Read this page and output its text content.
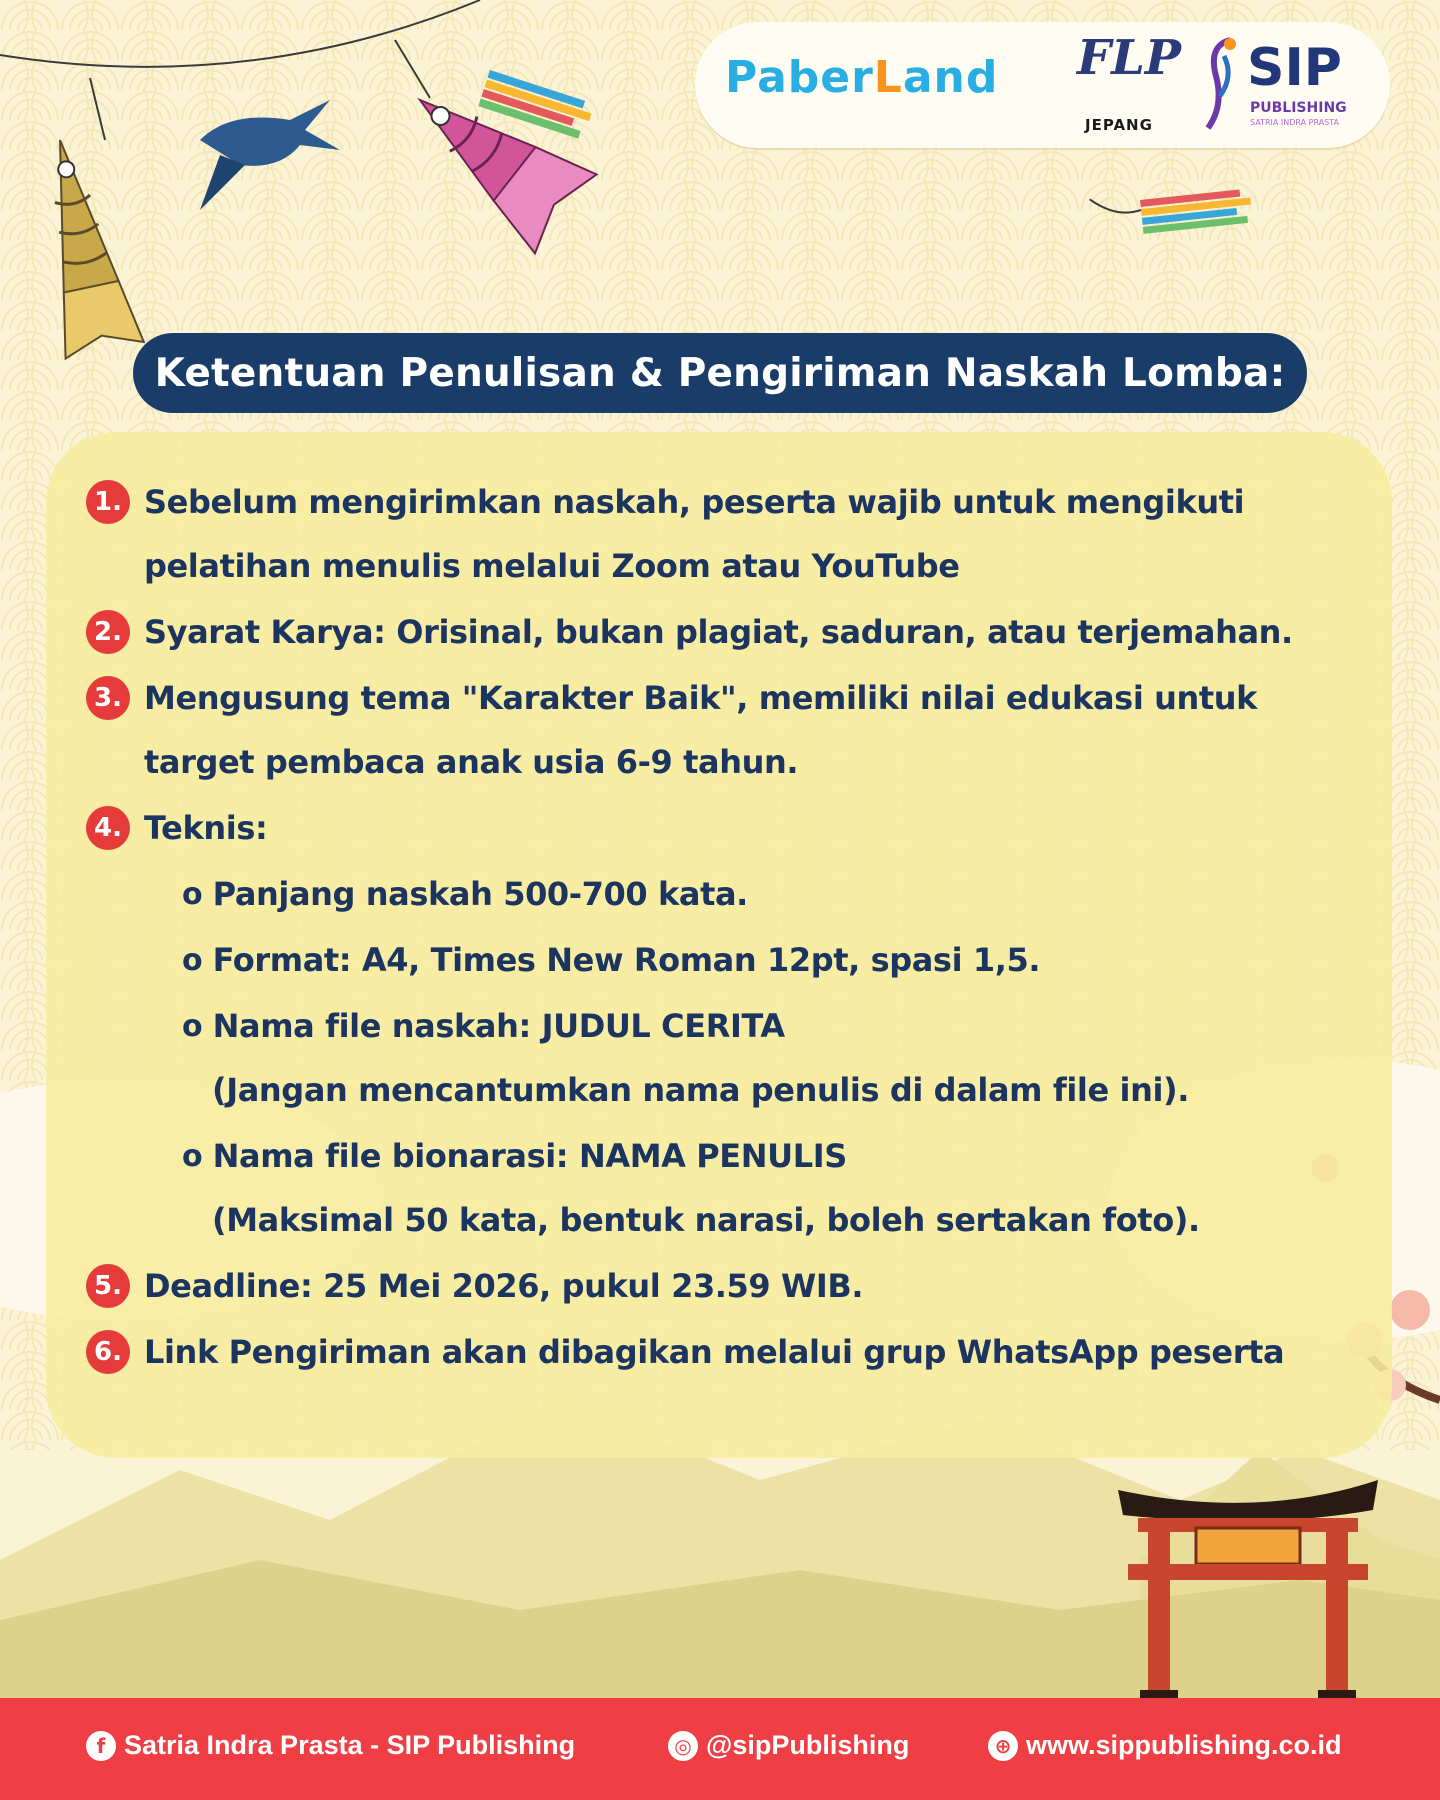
PaberLand FLP
JEPANG
SIP
PUBLISHING
SATRIA INDRA PRASTA
Ketentuan Penulisan & Pengiriman Naskah Lomba:
1. Sebelum mengirimkan naskah, peserta wajib untuk mengikuti
pelatihan menulis melalui Zoom atau YouTube
2. Syarat Karya: Orisinal, bukan plagiat, saduran, atau terjemahan.
3. Mengusung tema "Karakter Baik", memiliki nilai edukasi untuk
target pembaca anak usia 6-9 tahun.
4. Teknis:
o Panjang naskah 500-700 kata.
o Format: A4, Times New Roman 12pt, spasi 1,5.
o Nama file naskah: JUDUL CERITA
(Jangan mencantumkan nama penulis di dalam file ini).
o Nama file bionarasi: NAMA PENULIS
(Maksimal 50 kata, bentuk narasi, boleh sertakan foto).
5. Deadline: 25 Mei 2026, pukul 23.59 WIB.
6. Link Pengiriman akan dibagikan melalui grup WhatsApp peserta
f Satria Indra Prasta - SIP Publishing	◎ @sipPublishing	⊕ www.sippublishing.co.id
